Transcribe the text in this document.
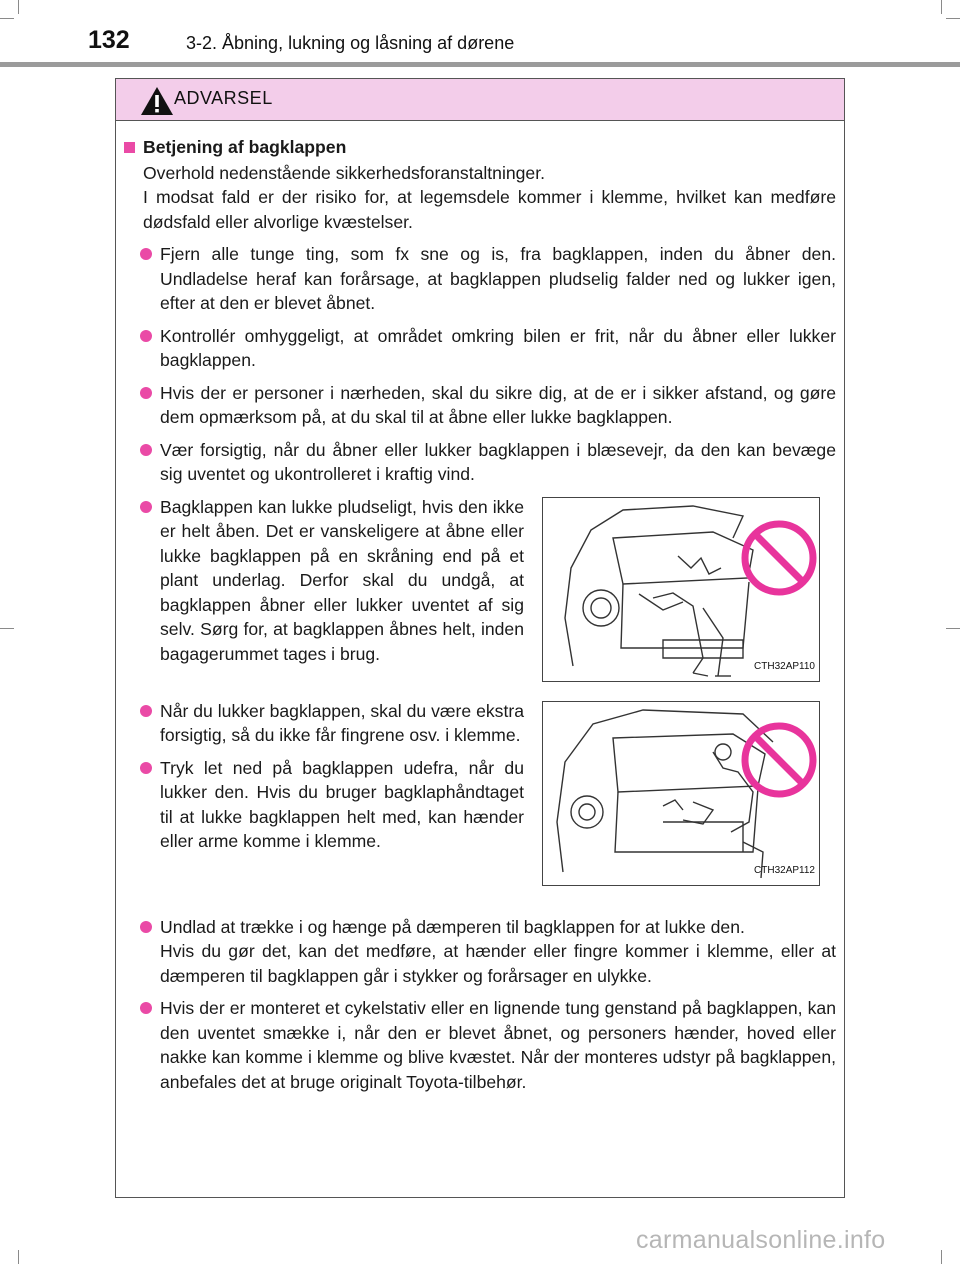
132	3-2. Åbning, lukning og låsning af dørene
ADVARSEL
Betjening af bagklappen
Overhold nedenstående sikkerhedsforanstaltninger.
I modsat fald er der risiko for, at legemsdele kommer i klemme, hvilket kan medføre dødsfald eller alvorlige kvæstelser.
Fjern alle tunge ting, som fx sne og is, fra bagklappen, inden du åbner den. Undladelse heraf kan forårsage, at bagklappen pludselig falder ned og lukker igen, efter at den er blevet åbnet.
Kontrollér omhyggeligt, at området omkring bilen er frit, når du åbner eller lukker bagklappen.
Hvis der er personer i nærheden, skal du sikre dig, at de er i sikker afstand, og gøre dem opmærksom på, at du skal til at åbne eller lukke bagklappen.
Vær forsigtig, når du åbner eller lukker bagklappen i blæsevejr, da den kan bevæge sig uventet og ukontrolleret i kraftig vind.
Bagklappen kan lukke pludseligt, hvis den ikke er helt åben. Det er vanskeligere at åbne eller lukke bagklappen på en skråning end på et plant underlag. Derfor skal du undgå, at bagklappen åbner eller lukker uventet af sig selv. Sørg for, at bagklappen åbnes helt, inden bagagerummet tages i brug.
CTH32AP110
Når du lukker bagklappen, skal du være ekstra forsigtig, så du ikke får fingrene osv. i klemme.
Tryk let ned på bagklappen udefra, når du lukker den. Hvis du bruger bagklaphåndtaget til at lukke bagklappen helt med, kan hænder eller arme komme i klemme.
CTH32AP112
Undlad at trække i og hænge på dæmperen til bagklappen for at lukke den.
Hvis du gør det, kan det medføre, at hænder eller fingre kommer i klemme, eller at dæmperen til bagklappen går i stykker og forårsager en ulykke.
Hvis der er monteret et cykelstativ eller en lignende tung genstand på bagklappen, kan den uventet smække i, når den er blevet åbnet, og personers hænder, hoved eller nakke kan komme i klemme og blive kvæstet. Når der monteres udstyr på bagklappen, anbefales det at bruge originalt Toyota-tilbehør.
carmanualsonline.info
